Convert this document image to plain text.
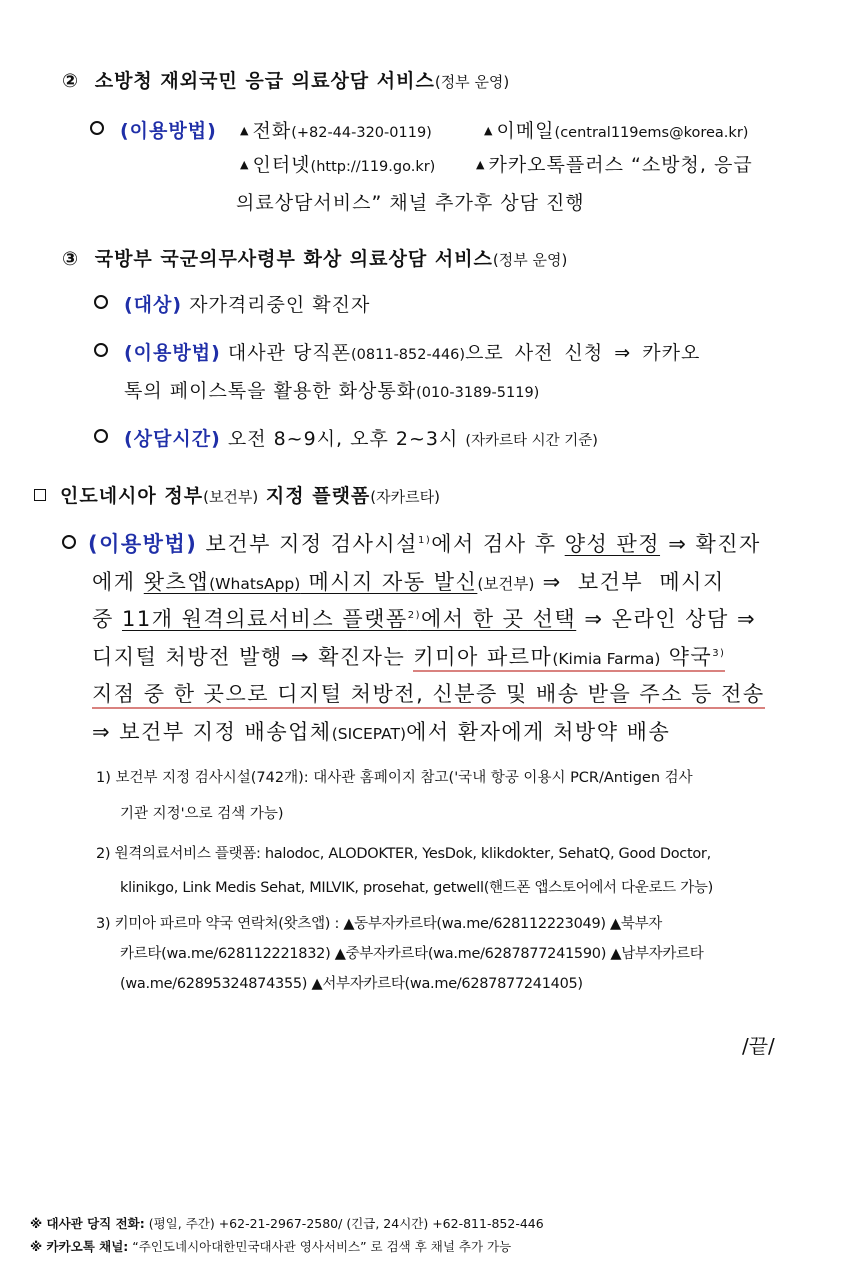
② 소방청 재외국민 응급 의료상담 서비스(정부 운영)
(이용방법) ▲ 전화(+82-44-320-0119)	▲ 이메일(central119ems@korea.kr)
▲ 인터넷(http://119.go.kr)	▲ 카카오톡플러스 “소방청, 응급
의료상담서비스” 채널 추가후 상담 진행
③ 국방부 국군의무사령부 화상 의료상담 서비스(정부 운영)
(대상) 자가격리중인 확진자
(이용방법) 대사관 당직폰(0811-852-446)으로 사전 신청 ⇒ 카카오
톡의 페이스톡을 활용한 화상통화(010-3189-5119)
(상담시간) 오전 8~9시, 오후 2~3시 (자카르타 시간 기준)
인도네시아 정부(보건부) 지정 플랫폼(자카르타)
(이용방법) 보건부 지정 검사시설$^{1)}$에서 검사 후 양성 판정 ⇒ 확진자
에게 왓츠앱(WhatsApp) 메시지 자동 발신(보건부) ⇒ 보건부 메시지
중 11개 원격의료서비스 플랫폼$^{2)}$에서 한 곳 선택 ⇒ 온라인 상담 ⇒
디지털 처방전 발행 ⇒ 확진자는 키미아 파르마(Kimia Farma) 약국$^{3)}$
지점 중 한 곳으로 디지털 처방전, 신분증 및 배송 받을 주소 등 전송
⇒ 보건부 지정 배송업체(SICEPAT)에서 환자에게 처방약 배송
1) 보건부 지정 검사시설(742개): 대사관 홈페이지 참고('국내 항공 이용시 PCR/Antigen 검사
기관 지정'으로 검색 가능)
2) 원격의료서비스 플랫폼: halodoc, ALODOKTER, YesDok, klikdokter, SehatQ, Good Doctor,
klinikgo, Link Medis Sehat, MILVIK, prosehat, getwell(핸드폰 앱스토어에서 다운로드 가능)
3) 키미아 파르마 약국 연락처(왓츠앱) : ▲동부자카르타(wa.me/628112223049) ▲북부자
카르타(wa.me/628112221832) ▲중부자카르타(wa.me/6287877241590) ▲남부자카르타
(wa.me/62895324874355) ▲서부자카르타(wa.me/6287877241405)
/끝/
※ 대사관 당직 전화: (평일, 주간) +62-21-2967-2580/ (긴급, 24시간) +62-811-852-446
※ 카카오톡 채널: “주인도네시아대한민국대사관 영사서비스” 로 검색 후 채널 추가 가능
